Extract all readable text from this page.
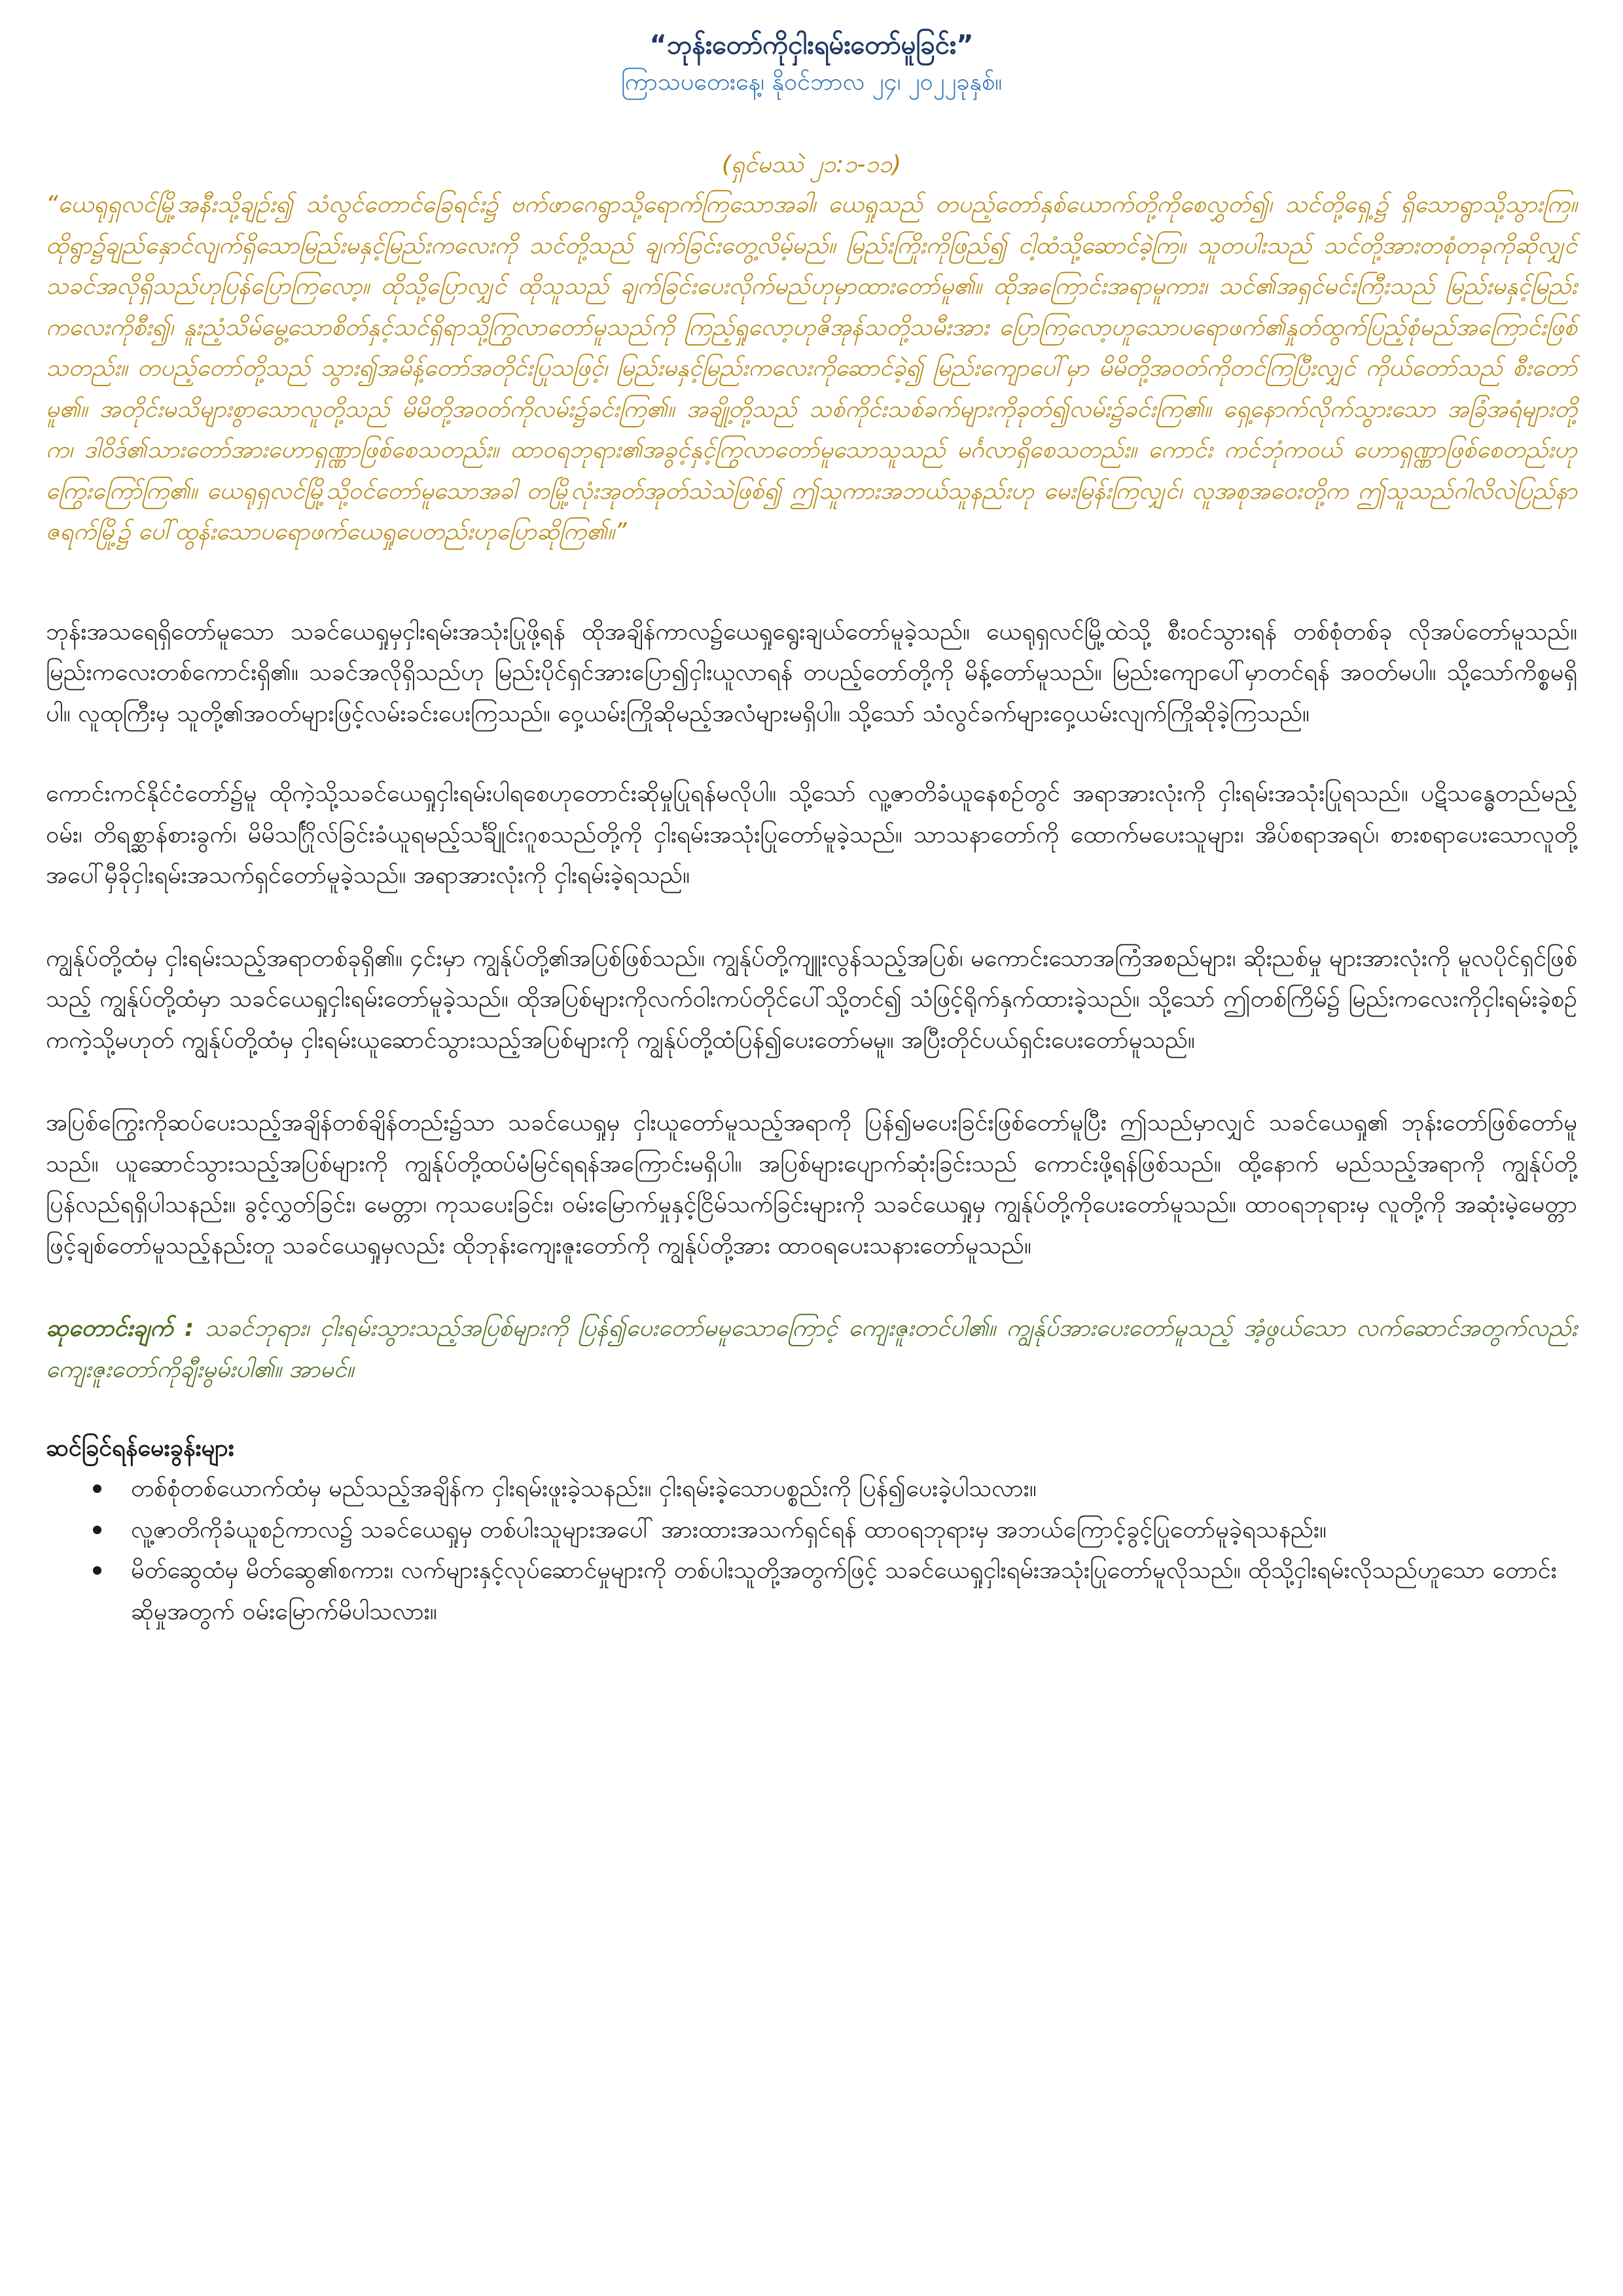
“ဘုန်းတော်ကိုငှါးရမ်းတော်မူခြင်း”

ကြာသပတေးနေ့၊ နိုဝင်ဘာလ ၂၄၊ ၂၀၂၂ခုနှစ်။

(ရှင်မဿဲ ၂၁:၁-၁၁)

“ယေရုရှလင်မြို့အနီးသို့ချဉ်း၍ သံလွင်တောင်ခြေရင်း၌ ဗက်ဖာဂေရွာသို့ရောက်ကြသောအခါ၊ ယေရှုသည် တပည့်တော်နှစ်ယောက်တို့ကိုစေလွှတ်၍၊ သင်တို့ရှေ့၌ ရှိသောရွာသို့သွားကြ။ ထိုရွာ၌ချည်နှောင်လျက်ရှိသောမြည်းမနှင့်မြည်းကလေးကို သင်တို့သည် ချက်ခြင်းတွေ့လိမ့်မည်။ မြည်းကြိုးကိုဖြည်၍ ငါ့ထံသို့ဆောင်ခဲ့ကြ။ သူတပါးသည် သင်တို့အားတစုံတခုကိုဆိုလျှင် သခင်အလိုရှိသည်ဟုပြန်ပြောကြလော့။ ထိုသို့ပြောလျှင် ထိုသူသည် ချက်ခြင်းပေးလိုက်မည်ဟုမှာထားတော်မူ၏။ ထိုအကြောင်းအရာမူကား၊ သင်၏အရှင်မင်းကြီးသည် မြည်းမနှင့်မြည်းကလေးကိုစီး၍၊ နူးညံ့သိမ်မွေ့သောစိတ်နှင့်သင်ရှိရာသို့ကြွလာတော်မူသည်ကို ကြည့်ရှုလော့ဟုဇိအုန်သတို့သမီးအား ပြောကြလော့ဟူသောပရောဖက်၏နှုတ်ထွက်ပြည့်စုံမည်အကြောင်းဖြစ်သတည်း။ တပည့်တော်တို့သည် သွား၍အမိန့်တော်အတိုင်းပြုသဖြင့်၊ မြည်းမနှင့်မြည်းကလေးကိုဆောင်ခဲ့၍ မြည်းကျောပေါ်မှာ မိမိတို့အဝတ်ကိုတင်ကြပြီးလျှင် ကိုယ်တော်သည် စီးတော်မူ၏။ အတိုင်းမသိများစွာသောလူတို့သည် မိမိတို့အဝတ်ကိုလမ်း၌ခင်းကြ၏။ အချို့တို့သည် သစ်ကိုင်းသစ်ခက်များကိုခုတ်၍လမ်း၌ခင်းကြ၏။ ရှေ့နောက်လိုက်သွားသော အခြံအရံများတို့က၊ ဒါဝိဒ်၏သားတော်အားဟောရှဏ္ဏာဖြစ်စေသတည်း။ ထာဝရဘုရား၏အခွင့်နှင့်ကြွလာတော်မူသောသူသည် မင်္ဂလာရှိစေသတည်း။ ကောင်း ကင်ဘုံကဝယ် ဟောရှဏ္ဏာဖြစ်စေတည်းဟုကြွေးကြော်ကြ၏။ ယေရုရှလင်မြို့သို့ဝင်တော်မူသောအခါ တမြို့လုံးအုတ်အုတ်သဲသဲဖြစ်၍ ဤသူကားအဘယ်သူနည်းဟု မေးမြန်းကြလျှင်၊ လူအစုအဝေးတို့က ဤသူသည်ဂါလိလဲပြည်နာဇရက်မြို့၌ ပေါ်ထွန်းသောပရောဖက်ယေရှုပေတည်းဟုပြောဆိုကြ၏။”

ဘုန်းအသရေရှိတော်မူသော သခင်ယေရှုမှငှါးရမ်းအသုံးပြုဖို့ရန် ထိုအချိန်ကာလ၌ယေရှုရွေးချယ်တော်မူခဲ့သည်။ ယေရုရှလင်မြို့ထဲသို့ စီးဝင်သွားရန် တစ်စုံတစ်ခု လိုအပ်တော်မူသည်။ မြည်းကလေးတစ်ကောင်းရှိ၏။ သခင်အလိုရှိသည်ဟု မြည်းပိုင်ရှင်အားပြော၍ငှါးယူလာရန် တပည့်တော်တို့ကို မိန့်တော်မူသည်။ မြည်းကျောပေါ်မှာတင်ရန် အဝတ်မပါ။ သို့သော်ကိစ္စမရှိပါ။ လူထုကြီးမှ သူတို့၏အဝတ်များဖြင့်လမ်းခင်းပေးကြသည်။ ဝှေ့ယမ်းကြိုဆိုမည့်အလံများမရှိပါ။ သို့သော် သံလွင်ခက်များဝှေ့ယမ်းလျက်ကြိုဆိုခဲ့ကြသည်။

ကောင်းကင်နိုင်ငံတော်၌မူ ထိုကဲ့သို့သခင်ယေရှုငှါးရမ်းပါရစေဟုတောင်းဆိုမှုပြုရန်မလိုပါ။ သို့သော် လူ့ဇာတိခံယူနေစဉ်တွင် အရာအားလုံးကို ငှါးရမ်းအသုံးပြုရသည်။ ပဋိသန္ဓေတည်မည့်ဝမ်း၊ တိရစ္ဆာန်စားခွက်၊ မိမိသင်္ဂြိုလ်ခြင်းခံယူရမည့်သင်္ချိုင်းဂူစသည်တို့ကို ငှါးရမ်းအသုံးပြုတော်မူခဲ့သည်။ သာသနာတော်ကို ထောက်မပေးသူများ၊ အိပ်စရာအရပ်၊ စားစရာပေးသောလူတို့အပေါ်မှီခိုငှါးရမ်းအသက်ရှင်တော်မူခဲ့သည်။ အရာအားလုံးကို ငှါးရမ်းခဲ့ရသည်။

ကျွန်ုပ်တို့ထံမှ ငှါးရမ်းသည့်အရာတစ်ခုရှိ၏။ ၄င်းမှာ ကျွန်ုပ်တို့၏အပြစ်ဖြစ်သည်။ ကျွန်ုပ်တို့ကျူးလွန်သည့်အပြစ်၊ မကောင်းသောအကြံအစည်များ၊ ဆိုးညစ်မှု များအားလုံးကို မူလပိုင်ရှင်ဖြစ်သည့် ကျွန်ုပ်တို့ထံမှာ သခင်ယေရှုငှါးရမ်းတော်မူခဲ့သည်။ ထိုအပြစ်များကိုလက်ဝါးကပ်တိုင်ပေါ်သို့တင်၍ သံဖြင့်ရိုက်နှက်ထားခဲ့သည်။ သို့သော် ဤတစ်ကြိမ်၌ မြည်းကလေးကိုငှါးရမ်းခဲ့စဉ်ကကဲ့သို့မဟုတ် ကျွန်ုပ်တို့ထံမှ ငှါးရမ်းယူဆောင်သွားသည့်အပြစ်များကို ကျွန်ုပ်တို့ထံပြန်၍ပေးတော်မမူ။ အပြီးတိုင်ပယ်ရှင်းပေးတော်မူသည်။

အပြစ်ကြွေးကိုဆပ်ပေးသည့်အချိန်တစ်ချိန်တည်း၌သာ သခင်ယေရှုမှ ငှါးယူတော်မူသည့်အရာကို ပြန်၍မပေးခြင်းဖြစ်တော်မူပြီး ဤသည်မှာလျှင် သခင်ယေရှု၏ ဘုန်းတော်ဖြစ်တော်မူသည်။ ယူဆောင်သွားသည့်အပြစ်များကို ကျွန်ုပ်တို့ထပ်မံမြင်ရရန်အကြောင်းမရှိပါ။ အပြစ်များပျောက်ဆုံးခြင်းသည် ကောင်းဖို့ရန်ဖြစ်သည်။ ထို့နောက် မည်သည့်အရာကို ကျွန်ုပ်တို့ပြန်လည်ရရှိပါသနည်း။ ခွင့်လွှတ်ခြင်း၊ မေတ္တာ၊ ကုသပေးခြင်း၊ ဝမ်းမြောက်မှုနှင့်ငြိမ်သက်ခြင်းများကို သခင်ယေရှုမှ ကျွန်ုပ်တို့ကိုပေးတော်မူသည်။ ထာဝရဘုရားမှ လူတို့ကို အဆုံးမဲ့မေတ္တာဖြင့်ချစ်တော်မူသည့်နည်းတူ သခင်ယေရှုမှလည်း ထိုဘုန်းကျေးဇူးတော်ကို ကျွန်ုပ်တို့အား ထာဝရပေးသနားတော်မူသည်။

ဆုတောင်းချက် : သခင်ဘုရား၊ ငှါးရမ်းသွားသည့်အပြစ်များကို ပြန်၍ပေးတော်မမူသောကြောင့် ကျေးဇူးတင်ပါ၏။ ကျွန်ုပ်အားပေးတော်မူသည့် အံ့ဖွယ်သော လက်ဆောင်အတွက်လည်း ကျေးဇူးတော်ကိုချီးမွမ်းပါ၏။ အာမင်။

ဆင်ခြင်ရန်မေးခွန်းများ
တစ်စုံတစ်ယောက်ထံမှ မည်သည့်အချိန်က ငှါးရမ်းဖူးခဲ့သနည်း။ ငှါးရမ်းခဲ့သောပစ္စည်းကို ပြန်၍ပေးခဲ့ပါသလား။
လူ့ဇာတိကိုခံယူစဉ်ကာလ၌ သခင်ယေရှုမှ တစ်ပါးသူများအပေါ် အားထားအသက်ရှင်ရန် ထာဝရဘုရားမှ အဘယ်ကြောင့်ခွင့်ပြုတော်မူခဲ့ရသနည်း။
မိတ်ဆွေထံမှ မိတ်ဆွေ၏စကား၊ လက်များနှင့်လုပ်ဆောင်မှုများကို တစ်ပါးသူတို့အတွက်ဖြင့် သခင်ယေရှုငှါးရမ်းအသုံးပြုတော်မူလိုသည်။ ထိုသို့ငှါးရမ်းလိုသည်ဟူသော တောင်းဆိုမှုအတွက် ဝမ်းမြောက်မိပါသလား။
